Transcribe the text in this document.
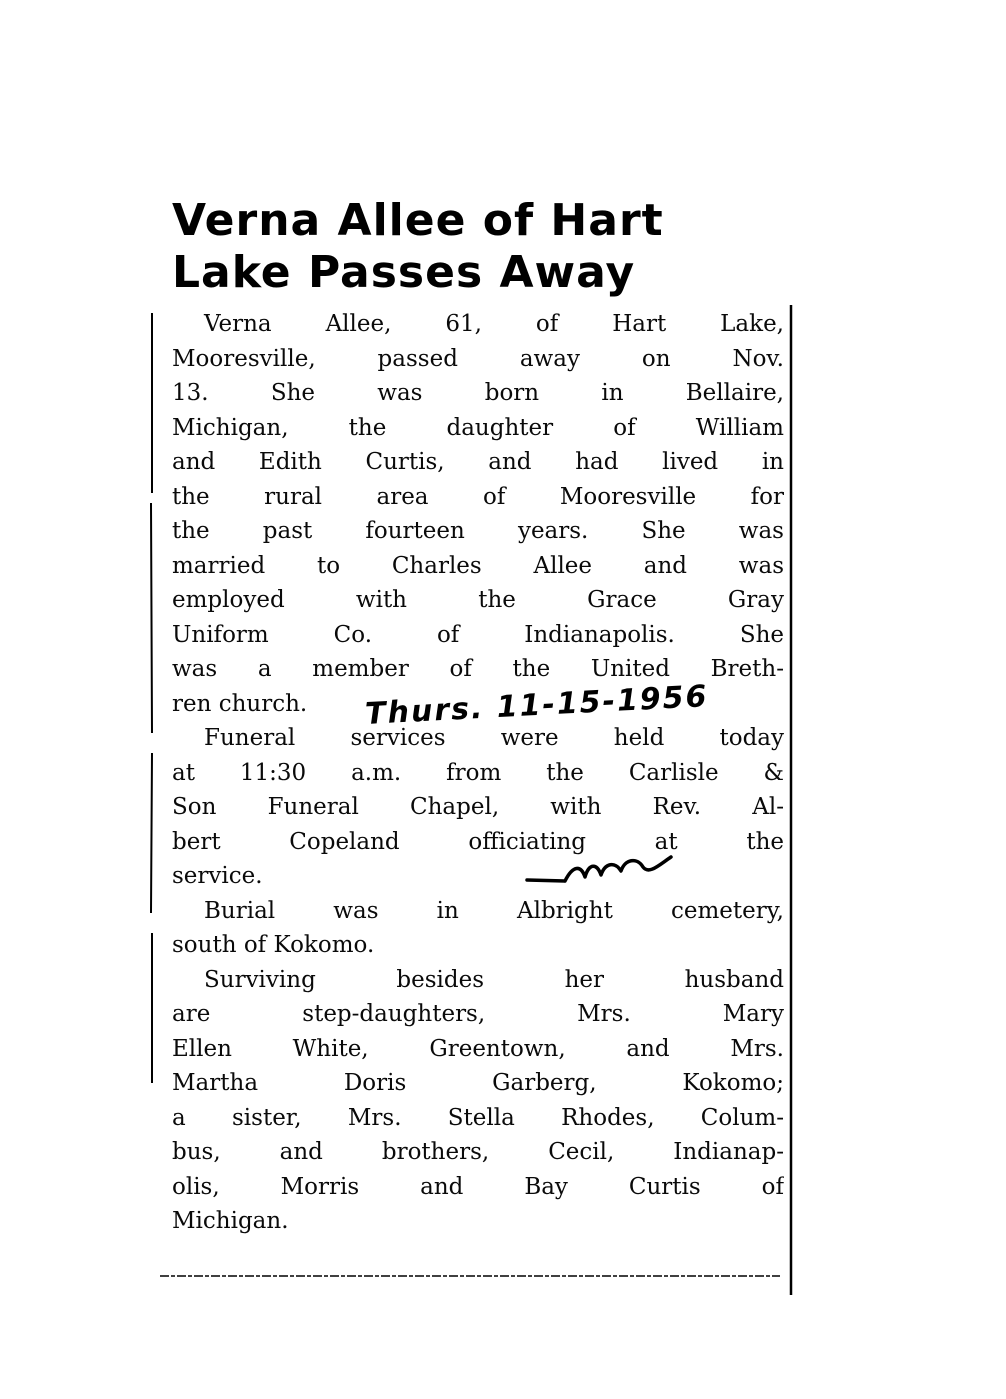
Verna Allee of Hart
Lake Passes Away
Verna Allee, 61, of Hart Lake,
Mooresville, passed away on Nov.
13. She was born in Bellaire,
Michigan, the daughter of William
and Edith Curtis, and had lived in
the rural area of Mooresville for
the past fourteen years. She was
married to Charles Allee and was
employed with the Grace Gray
Uniform Co. of Indianapolis. She
was a member of the United Breth-
ren church.
Funeral services were held today
at 11:30 a.m. from the Carlisle &
Son Funeral Chapel, with Rev. Al-
bert Copeland officiating at the
service.
Burial was in Albright cemetery,
south of Kokomo.
Surviving besides her husband
are step-daughters, Mrs. Mary
Ellen White, Greentown, and Mrs.
Martha Doris Garberg, Kokomo;
a sister, Mrs. Stella Rhodes, Colum-
bus, and brothers, Cecil, Indianap-
olis, Morris and Bay Curtis of
Michigan.
Thurs. 11-15-1956
